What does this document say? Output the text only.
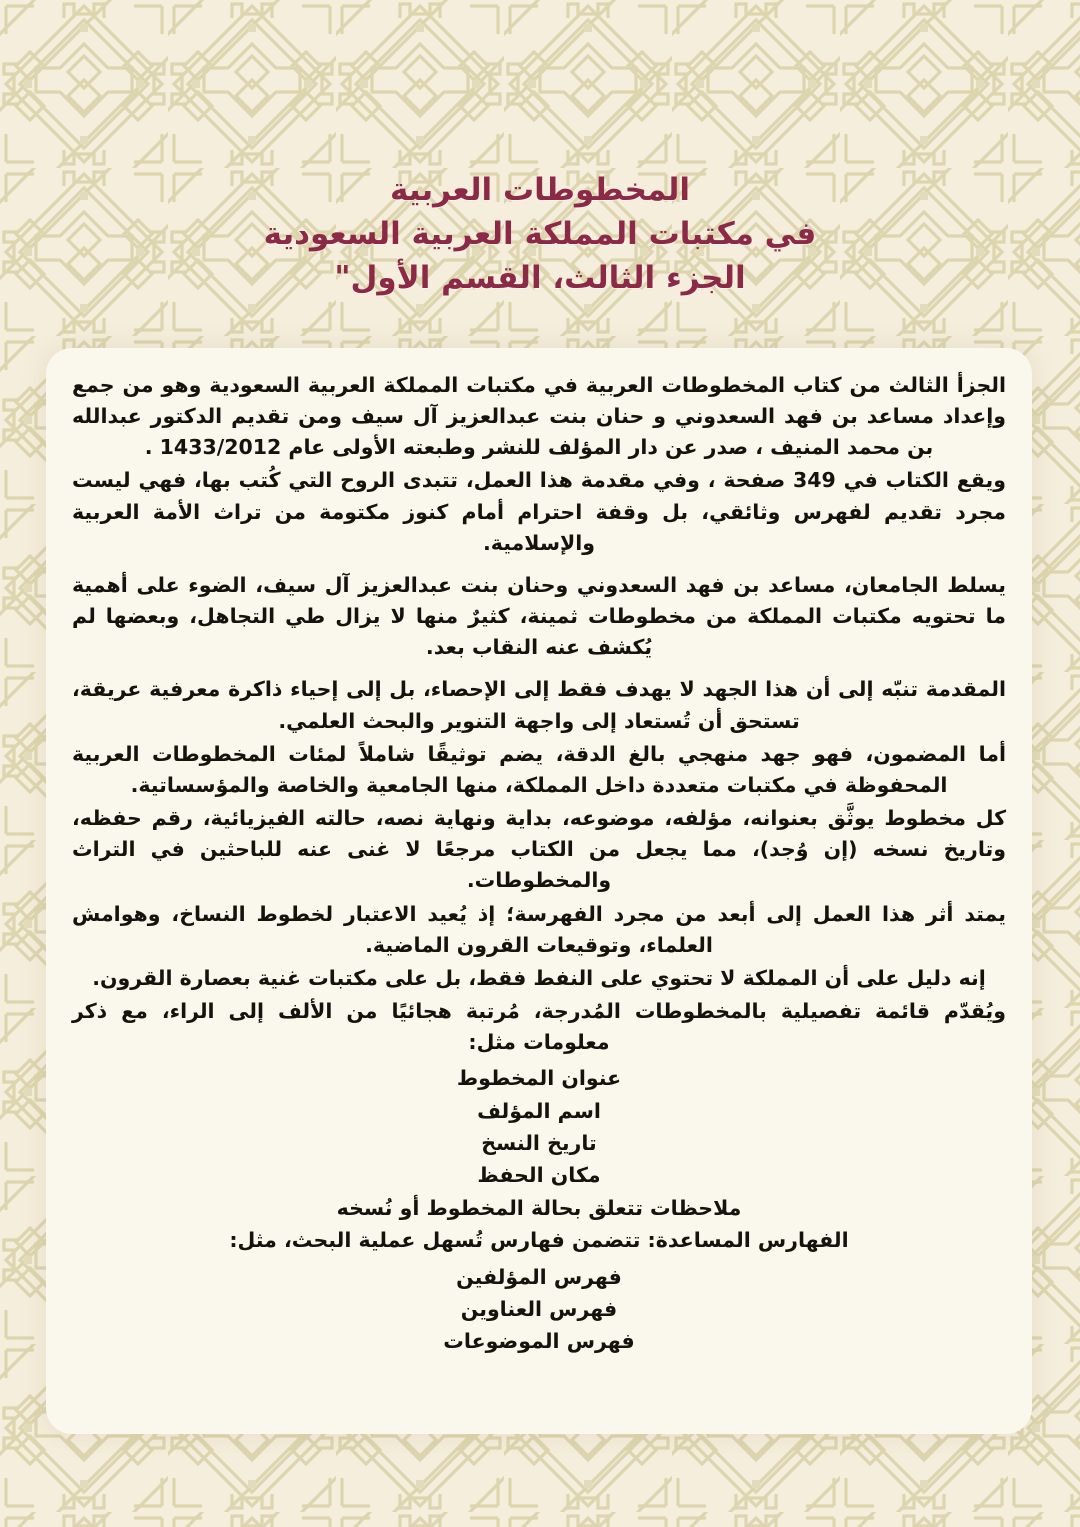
المخطوطات العربية
في مكتبات المملكة العربية السعودية
الجزء الثالث، القسم الأول"

الجزأ الثالث من كتاب المخطوطات العربية في مكتبات المملكة العربية السعودية وهو من جمع وإعداد مساعد بن فهد السعدوني و حنان بنت عبدالعزيز آل سيف ومن تقديم الدكتور عبدالله بن محمد المنيف ، صدر عن دار المؤلف للنشر وطبعته الأولى عام 1433/2012 .

ويقع الكتاب في 349 صفحة ، وفي مقدمة هذا العمل، تتبدى الروح التي كُتب بها، فهي ليست مجرد تقديم لفهرس وثائقي، بل وقفة احترام أمام كنوز مكتومة من تراث الأمة العربية والإسلامية.

يسلط الجامعان، مساعد بن فهد السعدوني وحنان بنت عبدالعزيز آل سيف، الضوء على أهمية ما تحتويه مكتبات المملكة من مخطوطات ثمينة، كثيرٌ منها لا يزال طي التجاهل، وبعضها لم يُكشف عنه النقاب بعد.

المقدمة تنبّه إلى أن هذا الجهد لا يهدف فقط إلى الإحصاء، بل إلى إحياء ذاكرة معرفية عريقة، تستحق أن تُستعاد إلى واجهة التنوير والبحث العلمي.

أما المضمون، فهو جهد منهجي بالغ الدقة، يضم توثيقًا شاملاً لمئات المخطوطات العربية المحفوظة في مكتبات متعددة داخل المملكة، منها الجامعية والخاصة والمؤسساتية.

كل مخطوط يوثَّق بعنوانه، مؤلفه، موضوعه، بداية ونهاية نصه، حالته الفيزيائية، رقم حفظه، وتاريخ نسخه (إن وُجد)، مما يجعل من الكتاب مرجعًا لا غنى عنه للباحثين في التراث والمخطوطات.

يمتد أثر هذا العمل إلى أبعد من مجرد الفهرسة؛ إذ يُعيد الاعتبار لخطوط النساخ، وهوامش العلماء، وتوقيعات القرون الماضية.

إنه دليل على أن المملكة لا تحتوي على النفط فقط، بل على مكتبات غنية بعصارة القرون.

ويُقدّم قائمة تفصيلية بالمخطوطات المُدرجة، مُرتبة هجائيًا من الألف إلى الراء، مع ذكر معلومات مثل:

عنوان المخطوط
اسم المؤلف
تاريخ النسخ
مكان الحفظ
ملاحظات تتعلق بحالة المخطوط أو نُسخه
الفهارس المساعدة: تتضمن فهارس تُسهل عملية البحث، مثل:
فهرس المؤلفين
فهرس العناوين
فهرس الموضوعات
